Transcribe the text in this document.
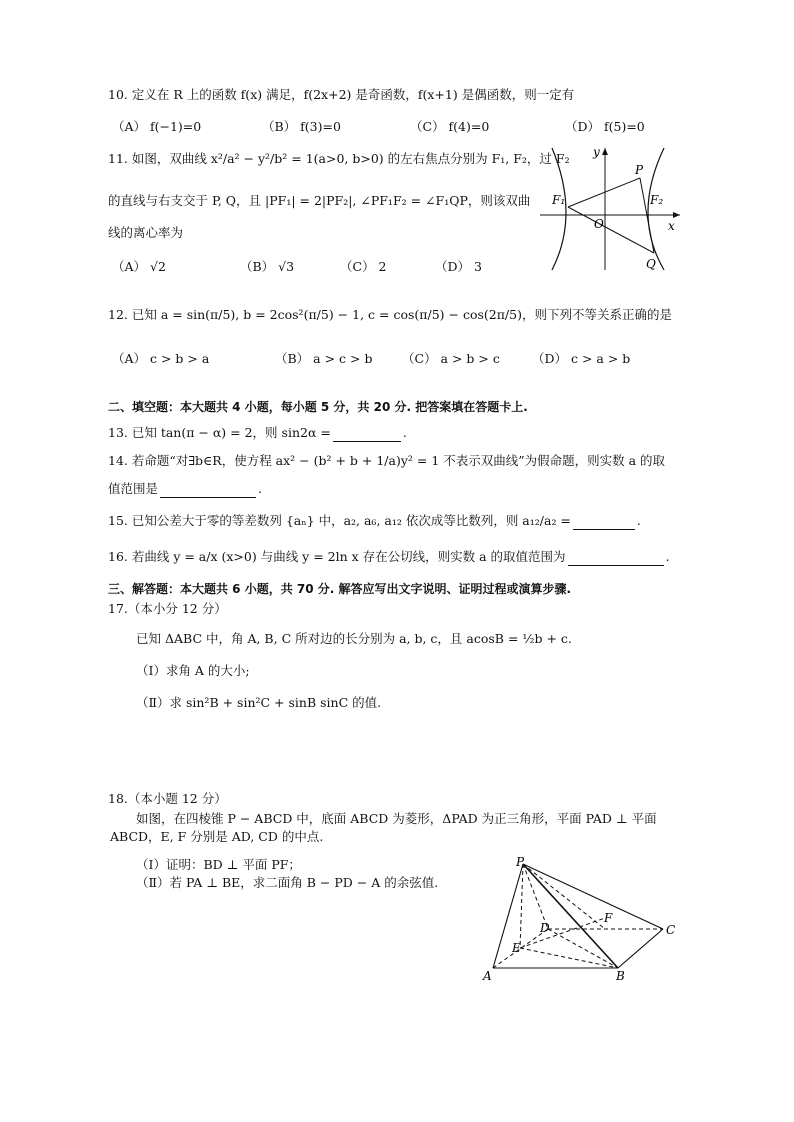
10. 定义在 R 上的函数 f(x) 满足，f(2x+2) 是奇函数，f(x+1) 是偶函数，则一定有
（A） f(−1)=0	（B） f(3)=0	（C） f(4)=0	（D） f(5)=0
11. 如图，双曲线 x²/a² − y²/b² = 1(a>0, b>0) 的左右焦点分别为 F₁, F₂，过 F₂
的直线与右支交于 P, Q，且 |PF₁| = 2|PF₂|, ∠PF₁F₂ = ∠F₁QP，则该双曲
线的离心率为
（A） √2	（B） √3	（C） 2	（D） 3
y
x
P
Q
F₁	F₂
O
12. 已知 a = sin(π/5), b = 2cos²(π/5) − 1, c = cos(π/5) − cos(2π/5)，则下列不等关系正确的是
（A） c > b > a	（B） a > c > b （C） a > b > c	（D） c > a > b
二、填空题：本大题共 4 小题，每小题 5 分，共 20 分. 把答案填在答题卡上.
13. 已知 tan(π − α) = 2，则 sin2α =	.
14. 若命题“对∃b∈R，使方程 ax² − (b² + b + 1/a)y² = 1 不表示双曲线”为假命题，则实数 a 的取
值范围是	.
15. 已知公差大于零的等差数列 {aₙ} 中，a₂, a₆, a₁₂ 依次成等比数列，则 a₁₂/a₂ =	.
16. 若曲线 y = a/x (x>0) 与曲线 y = 2ln x 存在公切线，则实数 a 的取值范围为	.
三、解答题：本大题共 6 小题，共 70 分. 解答应写出文字说明、证明过程或演算步骤.
17.（本小分 12 分）
已知 ΔABC 中，角 A, B, C 所对边的长分别为 a, b, c，且 acosB = ½b + c.
（Ⅰ）求角 A 的大小;
（Ⅱ）求 sin²B + sin²C + sinB sinC 的值.
18.（本小题 12 分）
如图，在四棱锥 P − ABCD 中，底面 ABCD 为菱形，ΔPAD 为正三角形，平面 PAD ⊥ 平面
ABCD，E, F 分别是 AD, CD 的中点.
（Ⅰ）证明：BD ⊥ 平面 PF；
（Ⅱ）若 PA ⊥ BE，求二面角 B − PD − A 的余弦值.
P
A	B
C
D
E
F
